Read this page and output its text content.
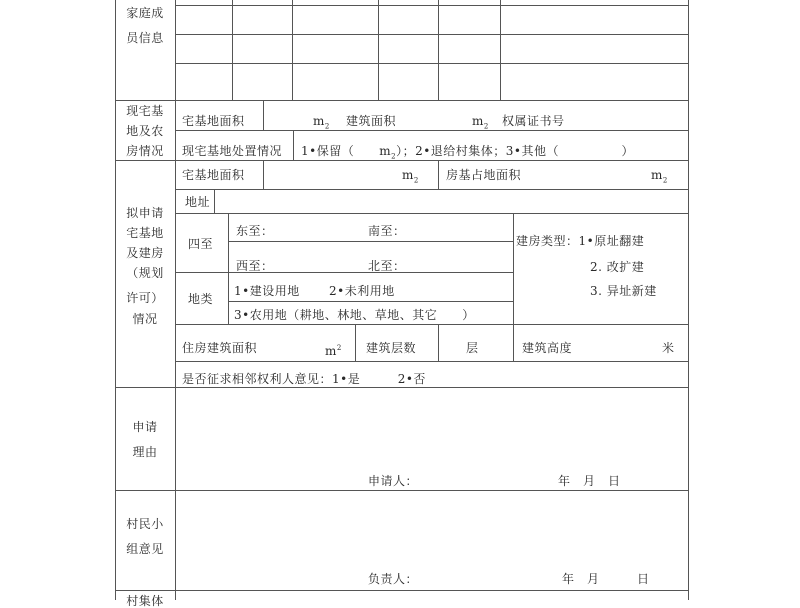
家庭成
员信息
现宅基
地及农
房情况
宅基地面积	$m_2$ 建筑面积	$m_2$ 权属证书号
现宅基地处置情况 1•保留（　　$m_2$）；2•退给村集体；3•其他（　　　　　）
宅基地面积	$m_2$ 房基占地面积	$m_2$
地址
四至
东至：	南至：
西至：	北至：
建房类型：1•原址翻建
2. 改扩建
3. 异址新建
地类
1•建设用地 2•未利用地
3•农用地（耕地、林地、草地、其它　　）
住房建筑面积	$m^2$ 建筑层数	层	建筑高度	米
是否征求相邻权利人意见：1•是　　　2•否
拟申请
宅基地
及建房
（规划
许可）
情况
申请
理由
申请人：	年　月　日
村民小
组意见
负责人：	年　月　　　日
村集体
